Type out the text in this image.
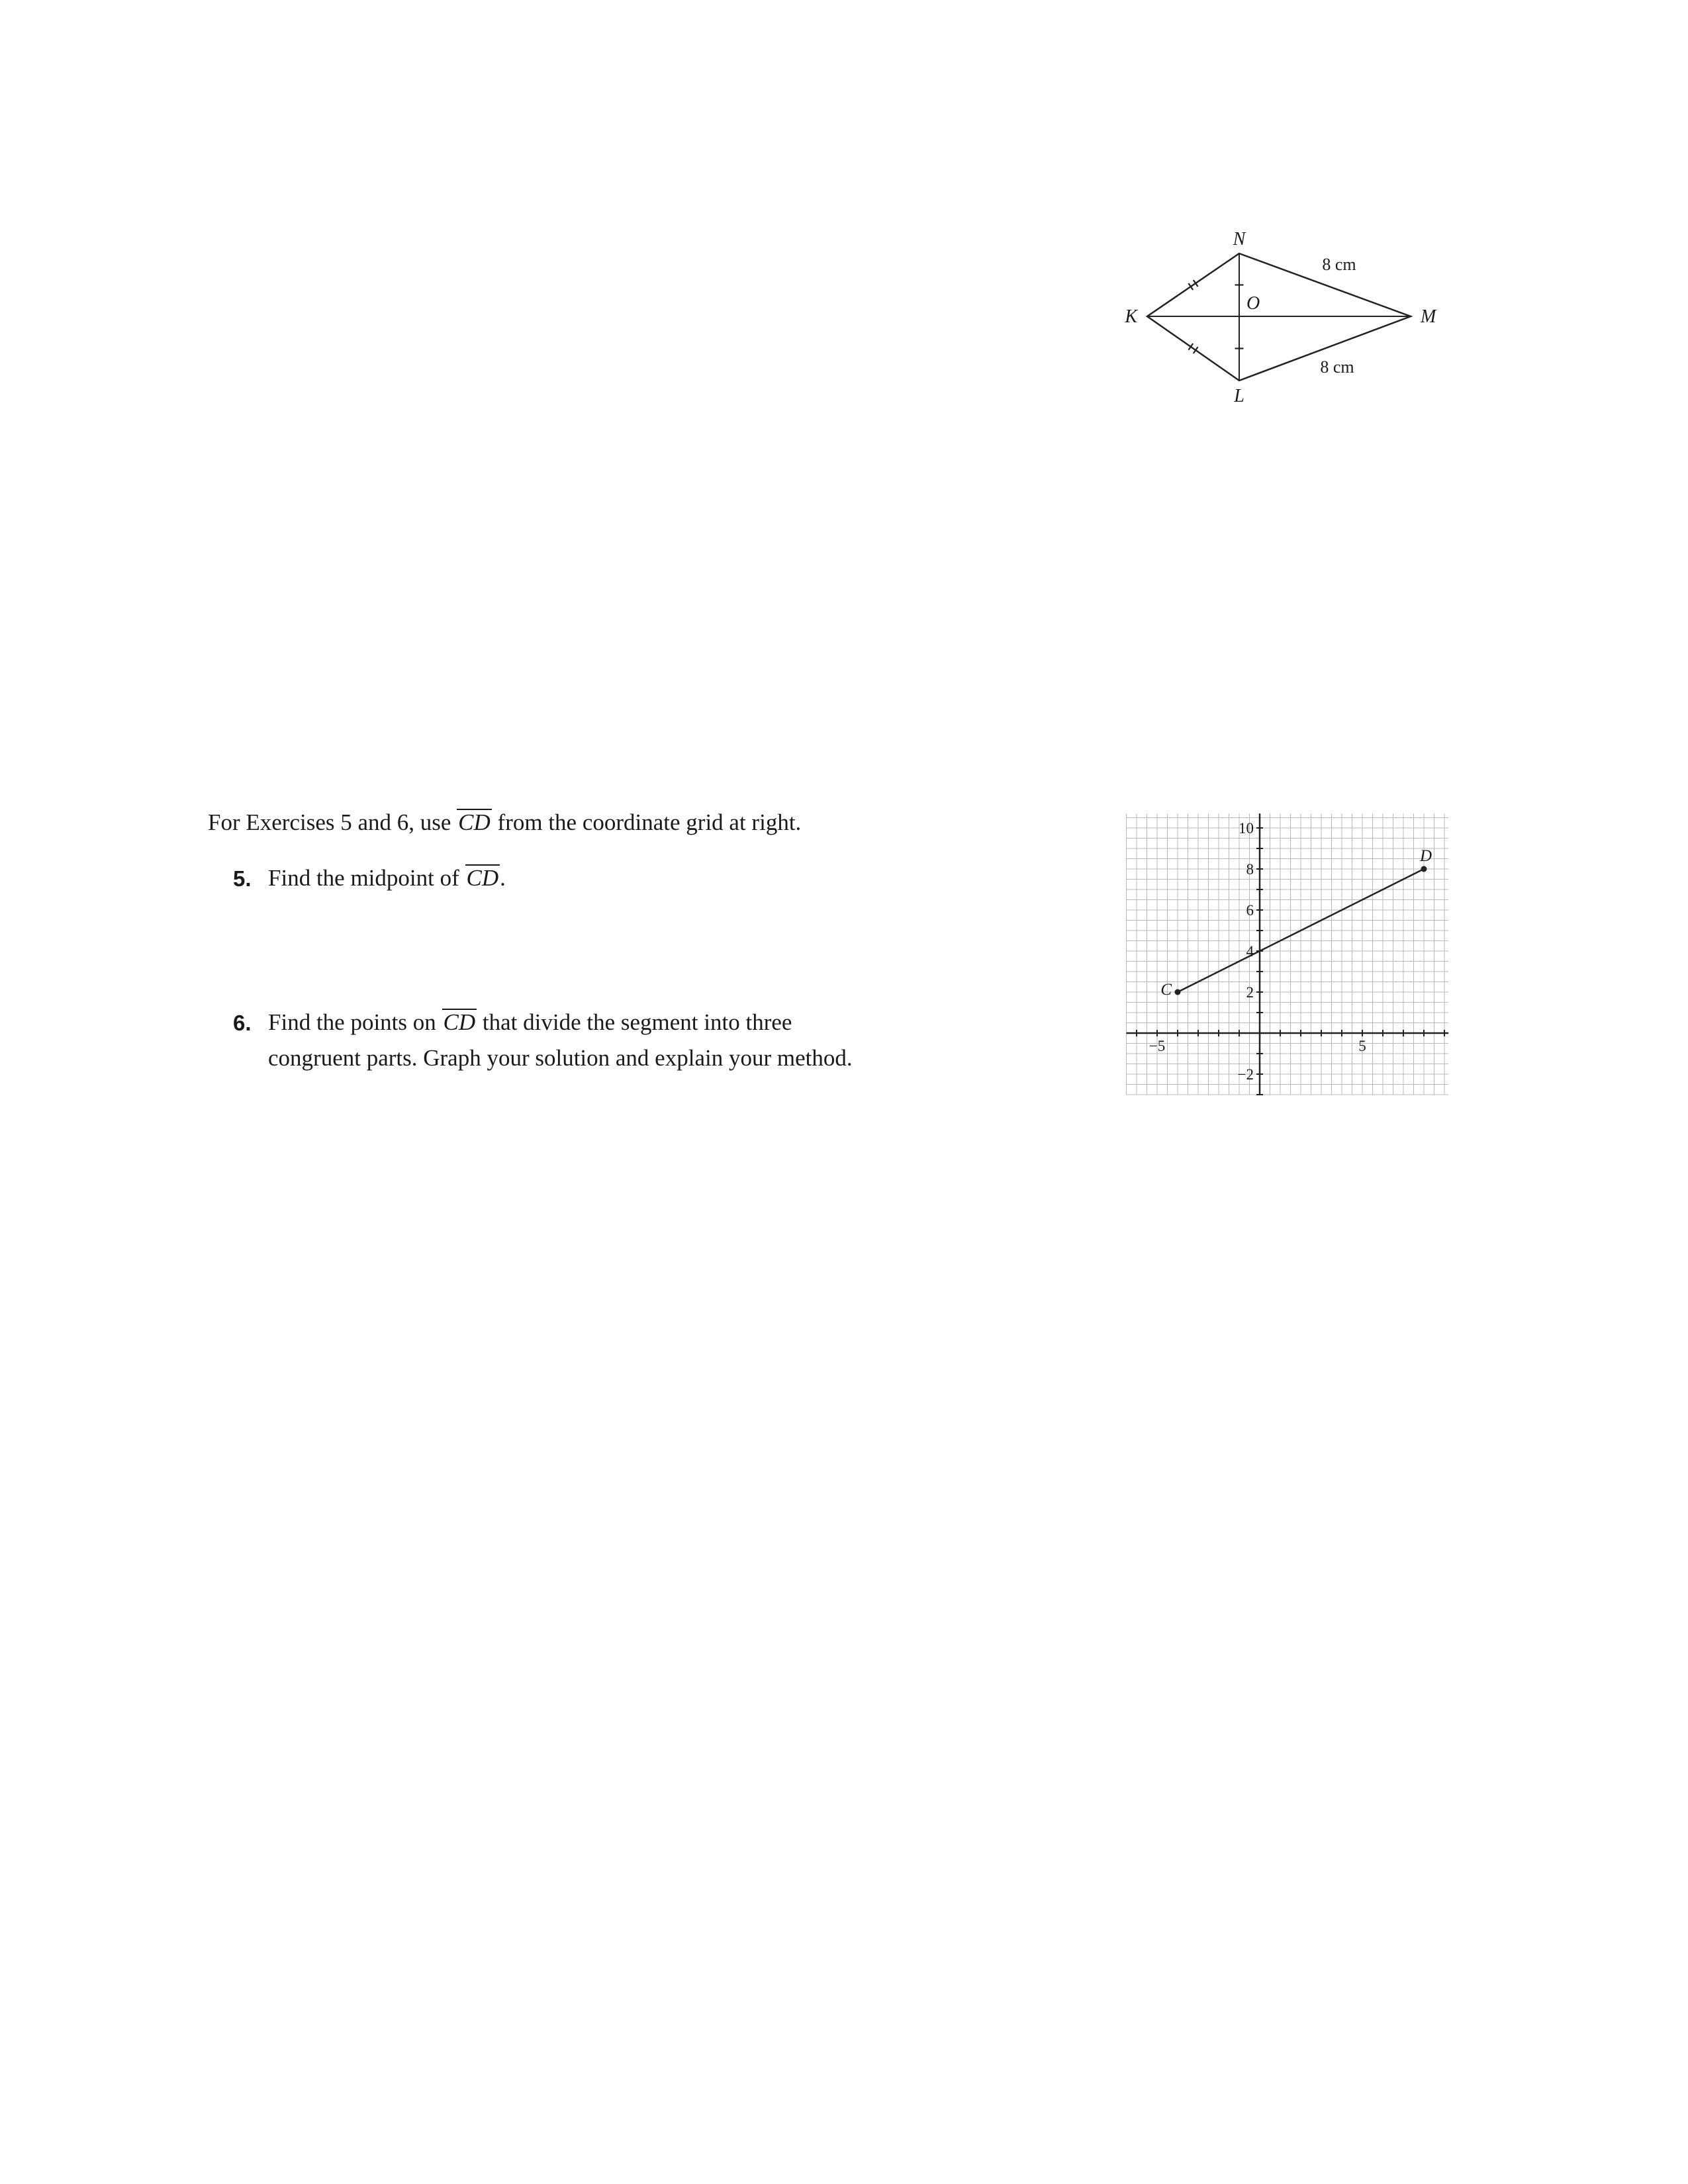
N
K	M
L
O
8 cm
8 cm
For Exercises 5 and 6, use CD from the coordinate grid at right.
5. Find the midpoint of CD.
6. Find the points on CD that divide the segment into three
congruent parts. Graph your solution and explain your method.
10
8
6
4
2
−2
−5	5
C
D
